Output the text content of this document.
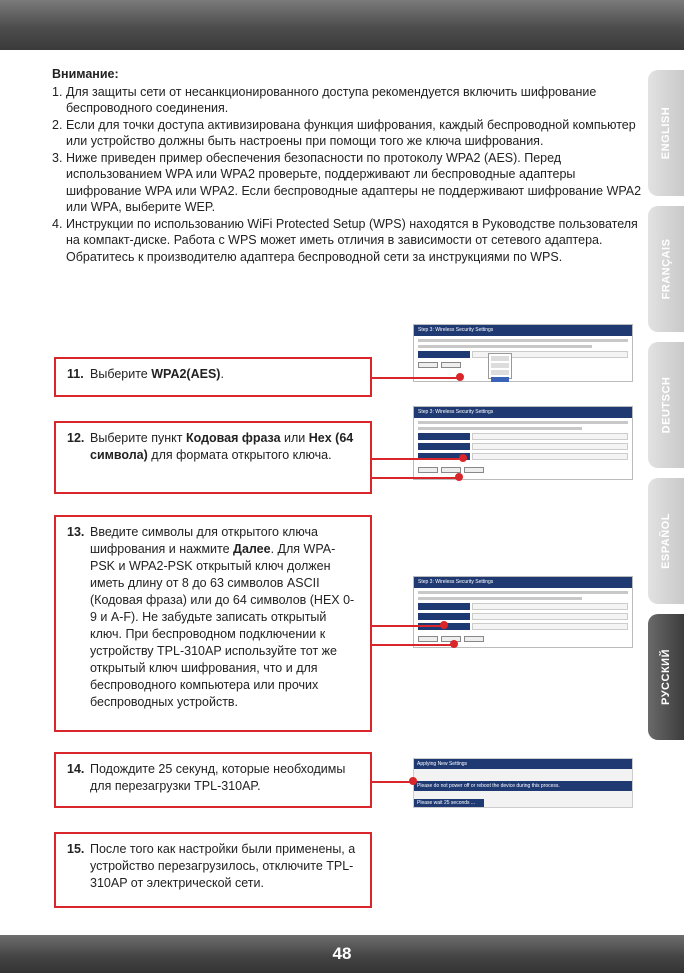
ENGLISH
FRANÇAIS
DEUTSCH
ESPAÑOL
РУССКИЙ
Внимание:
1. Для защиты сети от несанкционированного доступа рекомендуется включить шифрование беспроводного соединения.
2. Если для точки доступа активизирована функция шифрования, каждый беспроводной компьютер или устройство должны быть настроены при помощи того же ключа шифрования.
3. Ниже приведен пример обеспечения безопасности по протоколу WPA2 (AES). Перед использованием WPA или WPA2 проверьте, поддерживают ли беспроводные адаптеры шифрование WPA или WPA2. Если беспроводные адаптеры не поддерживают шифрование WPA2 или WPA, выберите WEP.
4. Инструкции по использованию WiFi Protected Setup (WPS) находятся в Руководстве пользователя на компакт-диске. Работа с WPS может иметь отличия в зависимости от сетевого адаптера. Обратитесь к производителю адаптера беспроводной сети за инструкциями по WPS.
11. Выберите WPA2(AES).
12. Выберите пункт Кодовая фраза или Hex (64 символа) для формата открытого ключа.
13. Введите символы для открытого ключа шифрования и нажмите Далее. Для WPA-PSK и WPA2-PSK открытый ключ должен иметь длину от 8 до 63 символов ASCII (Кодовая фраза) или до 64 символов (HEX 0-9 и A-F). Не забудьте записать открытый ключ. При беспроводном подключении к устройству TPL-310AP используйте тот же открытый ключ шифрования, что и для беспроводного компьютера или прочих беспроводных устройств.
14. Подождите 25 секунд, которые необходимы для перезагрузки TPL-310AP.
15. После того как настройки были применены, а устройство перезагрузилось, отключите TPL-310AP от электрической сети.
Step 3: Wireless Security Settings
Step 3: Wireless Security Settings
Step 3: Wireless Security Settings
Applying New Settings
Please do not power off or reboot the device during this process.
Please wait 25 seconds ...
48
